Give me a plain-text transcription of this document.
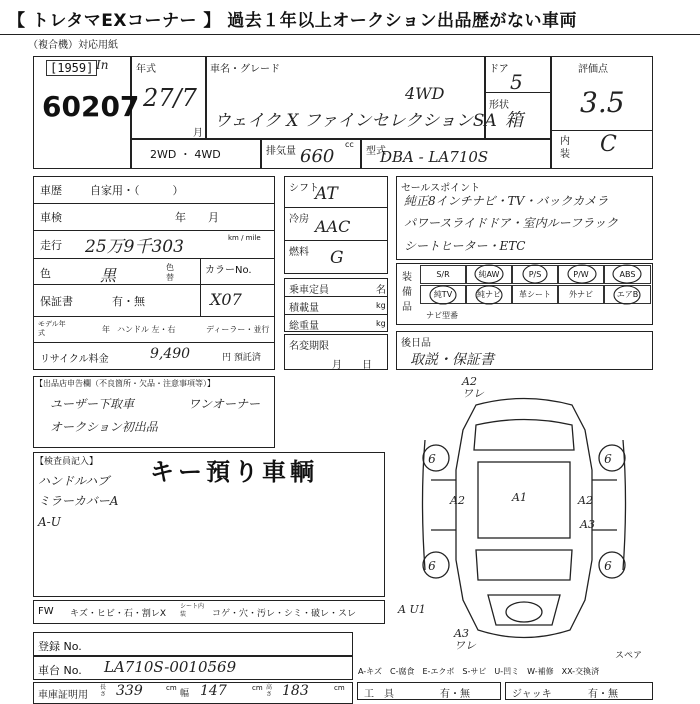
【 トレタマEXコーナー 】 過去１年以上オークション出品歴がない車両
（複合機）対応用紙
[1959] In
60207
年式
27/7
月
車名・グレード
4WD
ウェイク X ファインセレクションSA
ドア
5
形状
箱
評価点
3.5
内装 C
2WD ・ 4WD	排気量 660
cc
型式
DBA - LA710S
車歴	自家用・（　　　）
車検	年　　月
走行 25万9千303	km / mile
色	黒	色替
カラーNo.
X07
保証書	有・無
モデル年式	年 ハンドル 左・右	ディーラー・並行
リサイクル料金	9,490	円 預託済
シフト
AT
冷房 AAC
燃料 G
乗車定員	名
積載量	kg
総重量	kg
名変期限
月　　日
セールスポイント
純正8インチナビ・TV・バックカメラ
パワースライドドア・室内ルーフラック
シートヒーター・ETC
装備品
S/R	純AW	P/S	P/W	ABS
純TV	純ナビ	革シート	外ナビ	エアB
ナビ型番
後日品
取説・保証書
【出品店申告欄（不良箇所・欠品・注意事項等）】
ユーザー下取車	ワンオーナー
オークション初出品
【検査員記入】 キー預り車輌
ハンドルハブ
ミラーカバーA
A-U
6	6
6	6
A2 ワレ
A1
A2	A2
A3
A U1
A3 ワレ
スペア
FW キズ・ヒビ・石・割レX
シート内装	コゲ・穴・汚レ・シミ・破レ・スレ
登録 No.
車台 No. LA710S-0010569	A-キズ　C-腐食　E-エクボ　S-サビ　U-凹ミ　W-補修　XX-交換済
車庫証明用
長さ 339	cm
幅 147	cm 高さ 183	cm
工　具	有・無	ジャッキ	有・無
